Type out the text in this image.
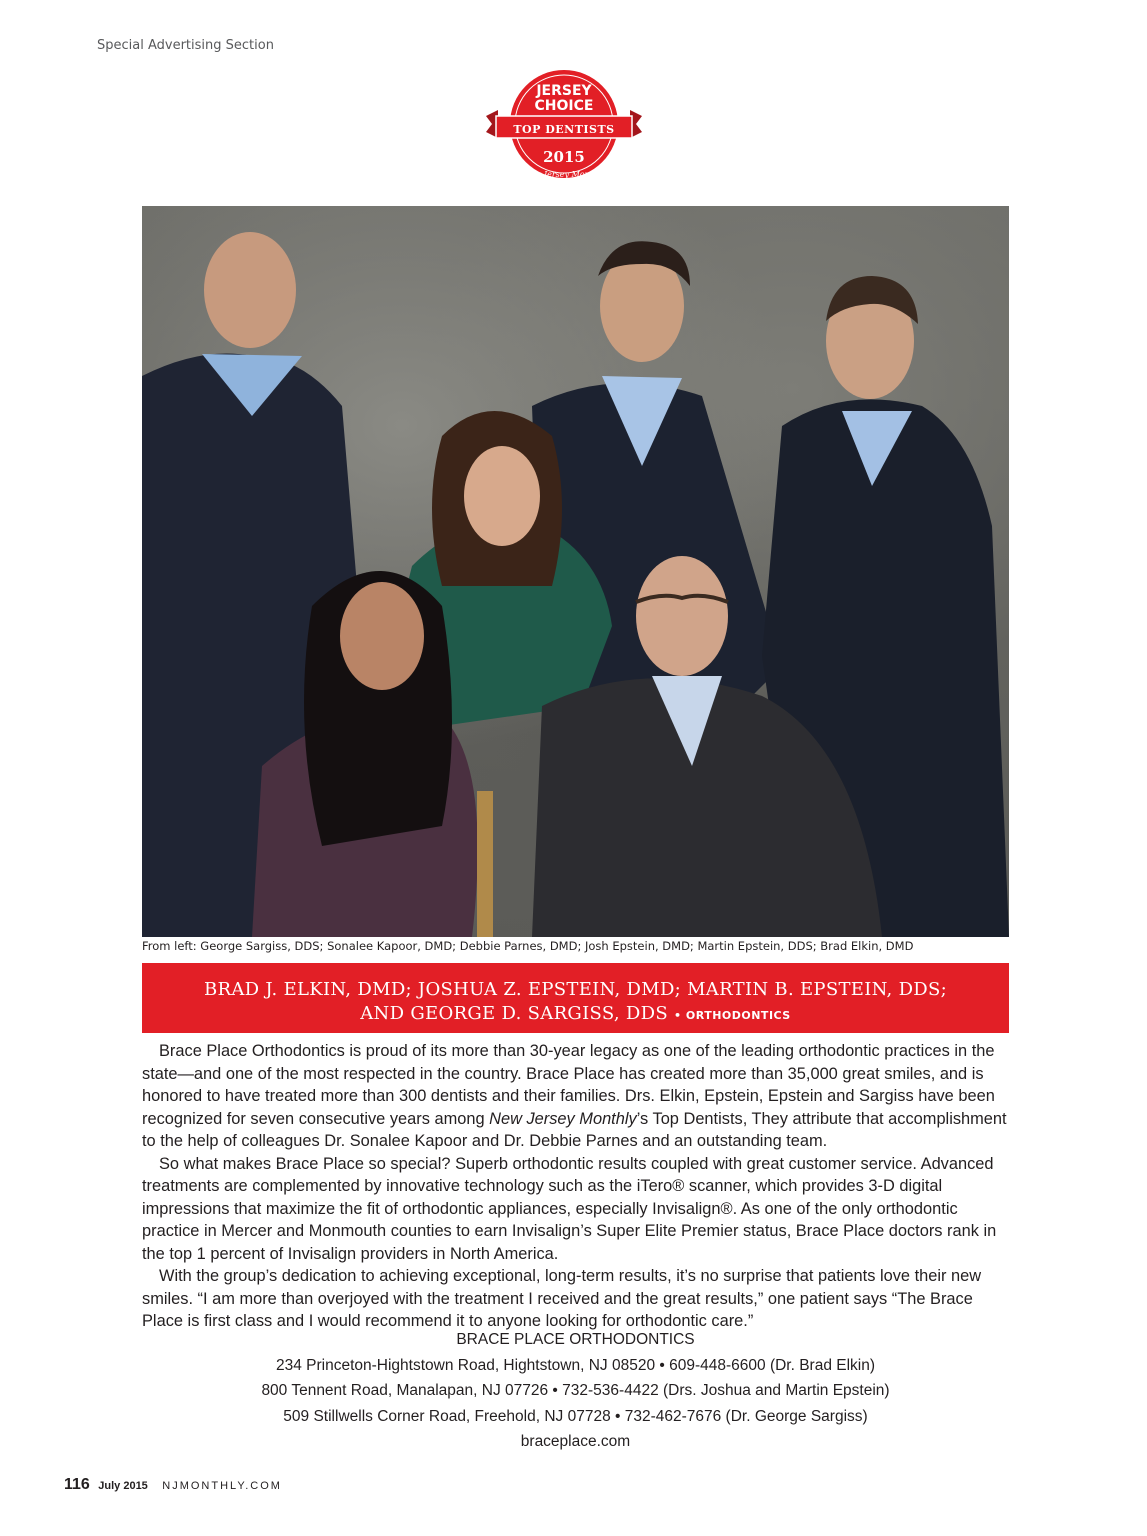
Special Advertising Section
JERSEY
CHOICE
TOP DENTISTS
2015
★ New Jersey Monthly ★
From left: George Sargiss, DDS; Sonalee Kapoor, DMD; Debbie Parnes, DMD; Josh Epstein, DMD; Martin Epstein, DDS; Brad Elkin, DMD
BRAD J. ELKIN, DMD; JOSHUA Z. EPSTEIN, DMD; MARTIN B. EPSTEIN, DDS;
AND GEORGE D. SARGISS, DDS • ORTHODONTICS

Brace Place Orthodontics is proud of its more than 30-year legacy as one of the leading orthodontic practices in the state—and one of the most respected in the country. Brace Place has created more than 35,000 great smiles, and is honored to have treated more than 300 dentists and their families. Drs. Elkin, Epstein, Epstein and Sargiss have been recognized for seven consecutive years among New Jersey Monthly’s Top Dentists, They attribute that accomplishment to the help of colleagues Dr. Sonalee Kapoor and Dr. Debbie Parnes and an outstanding team.

So what makes Brace Place so special? Superb orthodontic results coupled with great customer service. Advanced treatments are complemented by innovative technology such as the iTero® scanner, which provides 3-D digital impressions that maximize the fit of orthodontic appliances, especially Invisalign®. As one of the only orthodontic practice in Mercer and Monmouth counties to earn Invisalign’s Super Elite Premier status, Brace Place doctors rank in the top 1 percent of Invisalign providers in North America.

With the group’s dedication to achieving exceptional, long-term results, it’s no surprise that patients love their new smiles. “I am more than overjoyed with the treatment I received and the great results,” one patient says “The Brace Place is first class and I would recommend it to anyone looking for orthodontic care.”

BRACE PLACE ORTHODONTICS
234 Princeton-Hightstown Road, Hightstown, NJ 08520 • 609-448-6600 (Dr. Brad Elkin)
800 Tennent Road, Manalapan, NJ 07726 • 732-536-4422 (Drs. Joshua and Martin Epstein)
509 Stillwells Corner Road, Freehold, NJ 07728 • 732-462-7676 (Dr. George Sargiss)
braceplace.com
116 July 2015 NJMONTHLY.COM
